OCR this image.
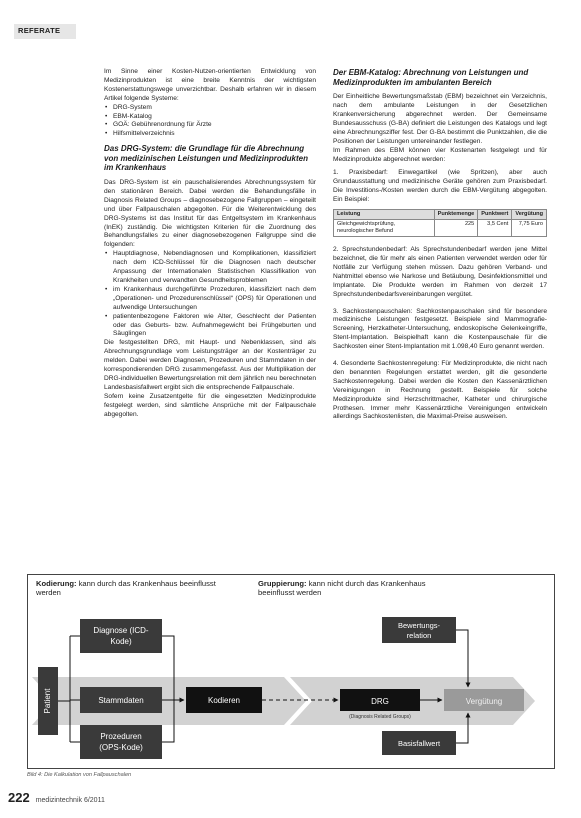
REFERATE

Im Sinne einer Kosten-Nutzen-orientierten Entwicklung von Medizinprodukten ist eine breite Kenntnis der wichtigsten Kostenerstattungswege unverzichtbar. Deshalb erfahren wir in diesem Artikel folgende Systeme:

• DRG-System
• EBM-Katalog
• GOÄ: Gebührenordnung für Ärzte
• Hilfsmittelverzeichnis

Das DRG-System: die Grundlage für die Abrechnung von medizinischen Leistungen und Medizinprodukten im Krankenhaus

Das DRG-System ist ein pauschalisierendes Abrechnungssystem für den stationären Bereich. Dabei werden die Behandlungsfälle in Diagnosis Related Groups – diagnosebezogene Fallgruppen – eingeteilt und über Fallpauschalen abgegolten. Für die Weiterentwicklung des DRG-Systems ist das Institut für das Entgeltsystem im Krankenhaus (InEK) zuständig. Die wichtigsten Kriterien für die Zuordnung des Behandlungsfalles zu einer diagnosebezogenen Fallgruppe sind die folgenden:

• Hauptdiagnose, Nebendiagnosen und Komplikationen, klassifiziert nach dem ICD-Schlüssel für die Diagnosen nach deutscher Anpassung der Internationalen Statistischen Klassifikation von Krankheiten und verwandten Gesundheitsproblemen
• im Krankenhaus durchgeführte Prozeduren, klassifiziert nach dem „Operationen- und Prozedurenschlüssel“ (OPS) für Operationen und aufwendige Untersuchungen
• patientenbezogene Faktoren wie Alter, Geschlecht der Patienten oder das Geburts- bzw. Aufnahmegewicht bei Frühgeburten und Säuglingen

Die festgestellten DRG, mit Haupt- und Nebenklassen, sind als Abrechnungsgrundlage vom Leistungsträger an der Kostenträger zu melden. Dabei werden Diagnosen, Prozeduren und Stammdaten in der korrespondierenden DRG zusammengefasst. Aus der Multiplikation der DRG-individuellen Bewertungsrelation mit dem jährlich neu berechneten Landesbasisfallwert ergibt sich die entsprechende Fallpauschale.

Sofern keine Zusatzentgelte für die eingesetzten Medizinprodukte festgelegt werden, sind sämtliche Ansprüche mit der Fallpauschale abgegolten.

Der EBM-Katalog: Abrechnung von Leistungen und Medizinprodukten im ambulanten Bereich

Der Einheitliche Bewertungsmaßstab (EBM) bezeichnet ein Verzeichnis, nach dem ambulante Leistungen in der Gesetzlichen Krankenversicherung abgerechnet werden. Der Gemeinsame Bundesausschuss (G-BA) definiert die Leistungen des Katalogs und legt eine Abrechnungsziffer fest. Der G-BA bestimmt die Punktzahlen, die die Positionen der Leistungen untereinander festlegen.

Im Rahmen des EBM können vier Kostenarten festgelegt und für Medizinprodukte abgerechnet werden:

1. Praxisbedarf: Einwegartikel (wie Spritzen), aber auch Grundausstattung und medizinische Geräte gehören zum Praxisbedarf. Die Investitions-/Kosten werden durch die EBM-Vergütung abgegolten. Ein Beispiel:

Leistung	Punktemenge	Punktwert	Vergütung
Gleichgewichtsprüfung, neurologischer Befund	225	3,5 Cent	7,75 Euro

2. Sprechstundenbedarf: Als Sprechstundenbedarf werden jene Mittel bezeichnet, die für mehr als einen Patienten verwendet werden oder für Notfälle zur Verfügung stehen müssen. Dazu gehören Verband- und Nahtmittel ebenso wie Narkose und Betäubung, Desinfektionsmittel und Implantate. Die Produkte werden im Rahmen von derzeit 17 Sprechstundenbedarfsvereinbarungen vergütet.

3. Sachkostenpauschalen: Sachkostenpauschalen sind für besondere medizinische Leistungen festgesetzt. Beispiele sind Mammografie-Screening, Herzkatheter-Untersuchung, endoskopische Gelenkeingriffe, Stent-Implantation. Beispielhaft kann die Kostenpauschale für die Sachkosten einer Stent-Implantation mit 1.098,40 Euro genannt werden.

4. Gesonderte Sachkostenregelung: Für Medizinprodukte, die nicht nach den benannten Regelungen erstattet werden, gilt die gesonderte Sachkostenregelung. Dabei werden die Kosten den Kassenärztlichen Vereinigungen in Rechnung gestellt. Beispiele für solche Medizinprodukte sind Herzschrittmacher, Katheter und chirurgische Prothesen. Immer mehr Kassenärztliche Vereinigungen entwickeln allerdings Sachkostenlisten, die Maximal-Preise ausweisen.

Kodierung: kann durch das Krankenhaus beeinflusst werden
Gruppierung: kann nicht durch das Krankenhaus beeinflusst werden
Patient
Diagnose (ICD-
Kode)
Stammdaten
Prozeduren
(OPS-Kode)
Kodieren	DRG
(Diagnosis Related Groups)
Bewertungs-
relation
Basisfallwert
Vergütung
Bild 4: Die Kalkulation von Fallpauschalen
222 medizintechnik 6/2011
